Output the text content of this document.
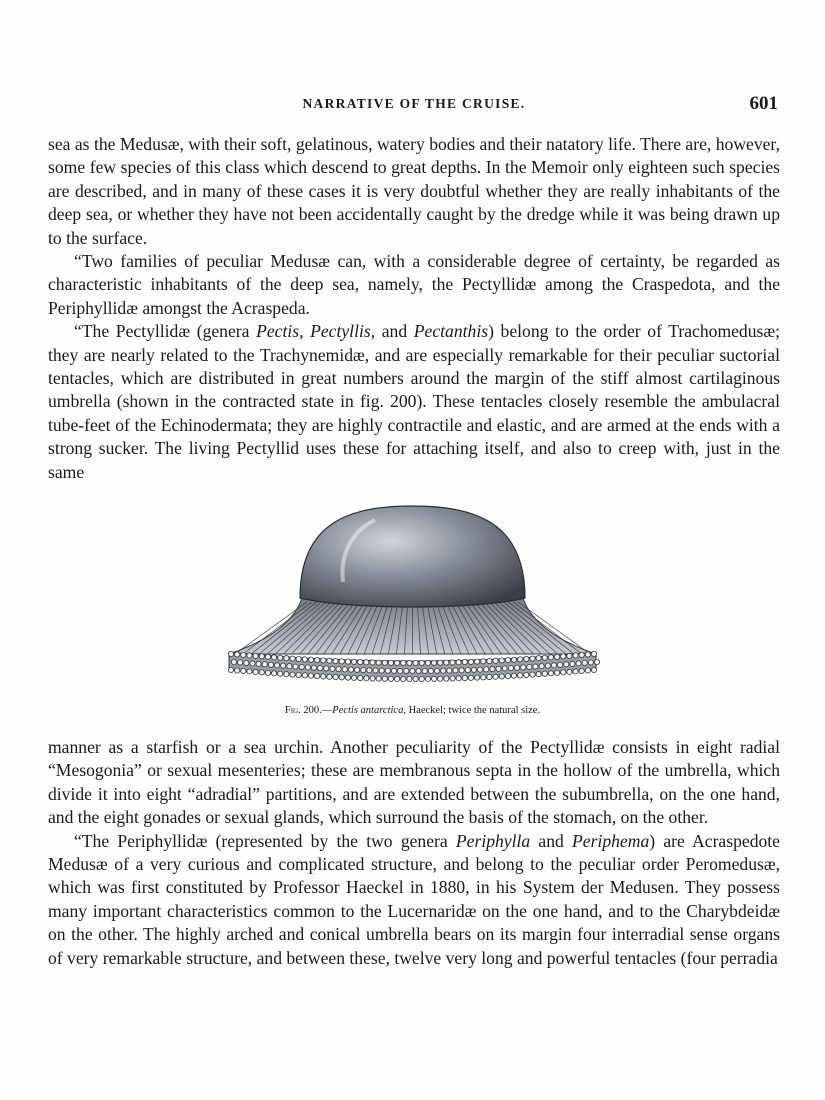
NARRATIVE OF THE CRUISE.	601

sea as the Medusæ, with their soft, gelatinous, watery bodies and their natatory life. There are, however, some few species of this class which descend to great depths. In the Memoir only eighteen such species are described, and in many of these cases it is very doubtful whether they are really inhabitants of the deep sea, or whether they have not been accidentally caught by the dredge while it was being drawn up to the surface.

“Two families of peculiar Medusæ can, with a considerable degree of certainty, be regarded as characteristic inhabitants of the deep sea, namely, the Pectyllidæ among the Craspedota, and the Periphyllidæ amongst the Acraspeda.

“The Pectyllidæ (genera Pectis, Pectyllis, and Pectanthis) belong to the order of Trachomedusæ; they are nearly related to the Trachynemidæ, and are especially remarkable for their peculiar suctorial tentacles, which are distributed in great numbers around the margin of the stiff almost cartilaginous umbrella (shown in the contracted state in fig. 200). These tentacles closely resemble the ambulacral tube-feet of the Echinodermata; they are highly contractile and elastic, and are armed at the ends with a strong sucker. The living Pectyllid uses these for attaching itself, and also to creep with, just in the same

Fig. 200.—Pectis antarctica, Haeckel; twice the natural size.

manner as a starfish or a sea urchin. Another peculiarity of the Pectyllidæ consists in eight radial “Mesogonia” or sexual mesenteries; these are membranous septa in the hollow of the umbrella, which divide it into eight “adradial” partitions, and are extended between the subumbrella, on the one hand, and the eight gonades or sexual glands, which surround the basis of the stomach, on the other.

“The Periphyllidæ (represented by the two genera Periphylla and Periphema) are Acraspedote Medusæ of a very curious and complicated structure, and belong to the peculiar order Peromedusæ, which was first constituted by Professor Haeckel in 1880, in his System der Medusen. They possess many important characteristics common to the Lucernaridæ on the one hand, and to the Charybdeidæ on the other. The highly arched and conical umbrella bears on its margin four interradial sense organs of very remarkable structure, and between these, twelve very long and powerful tentacles (four perradia
